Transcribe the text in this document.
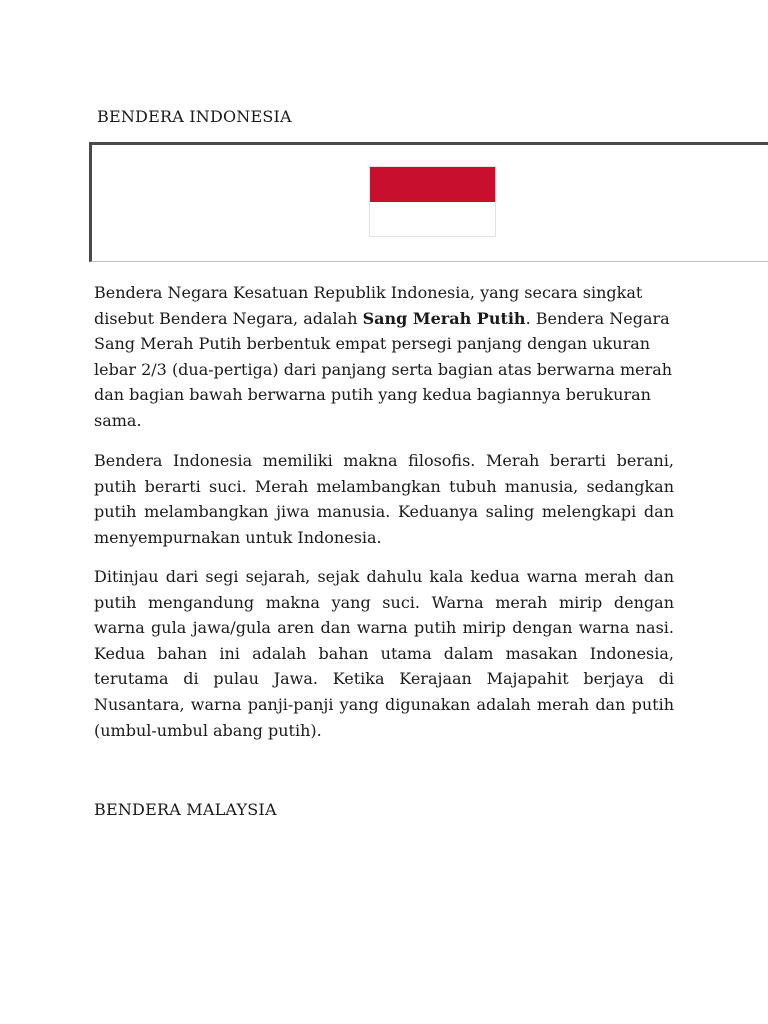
BENDERA INDONESIA

Bendera Negara Kesatuan Republik Indonesia, yang secara singkat disebut Bendera Negara, adalah Sang Merah Putih. Bendera Negara Sang Merah Putih berbentuk empat persegi panjang dengan ukuran lebar 2/3 (dua-pertiga) dari panjang serta bagian atas berwarna merah dan bagian bawah berwarna putih yang kedua bagiannya berukuran sama.

Bendera Indonesia memiliki makna filosofis. Merah berarti berani, putih berarti suci. Merah melambangkan tubuh manusia, sedangkan putih melambangkan jiwa manusia. Keduanya saling melengkapi dan menyempurnakan untuk Indonesia.

Ditinjau dari segi sejarah, sejak dahulu kala kedua warna merah dan putih mengandung makna yang suci. Warna merah mirip dengan warna gula jawa/gula aren dan warna putih mirip dengan warna nasi. Kedua bahan ini adalah bahan utama dalam masakan Indonesia, terutama di pulau Jawa. Ketika Kerajaan Majapahit berjaya di Nusantara, warna panji-panji yang digunakan adalah merah dan putih (umbul-umbul abang putih).

BENDERA MALAYSIA
